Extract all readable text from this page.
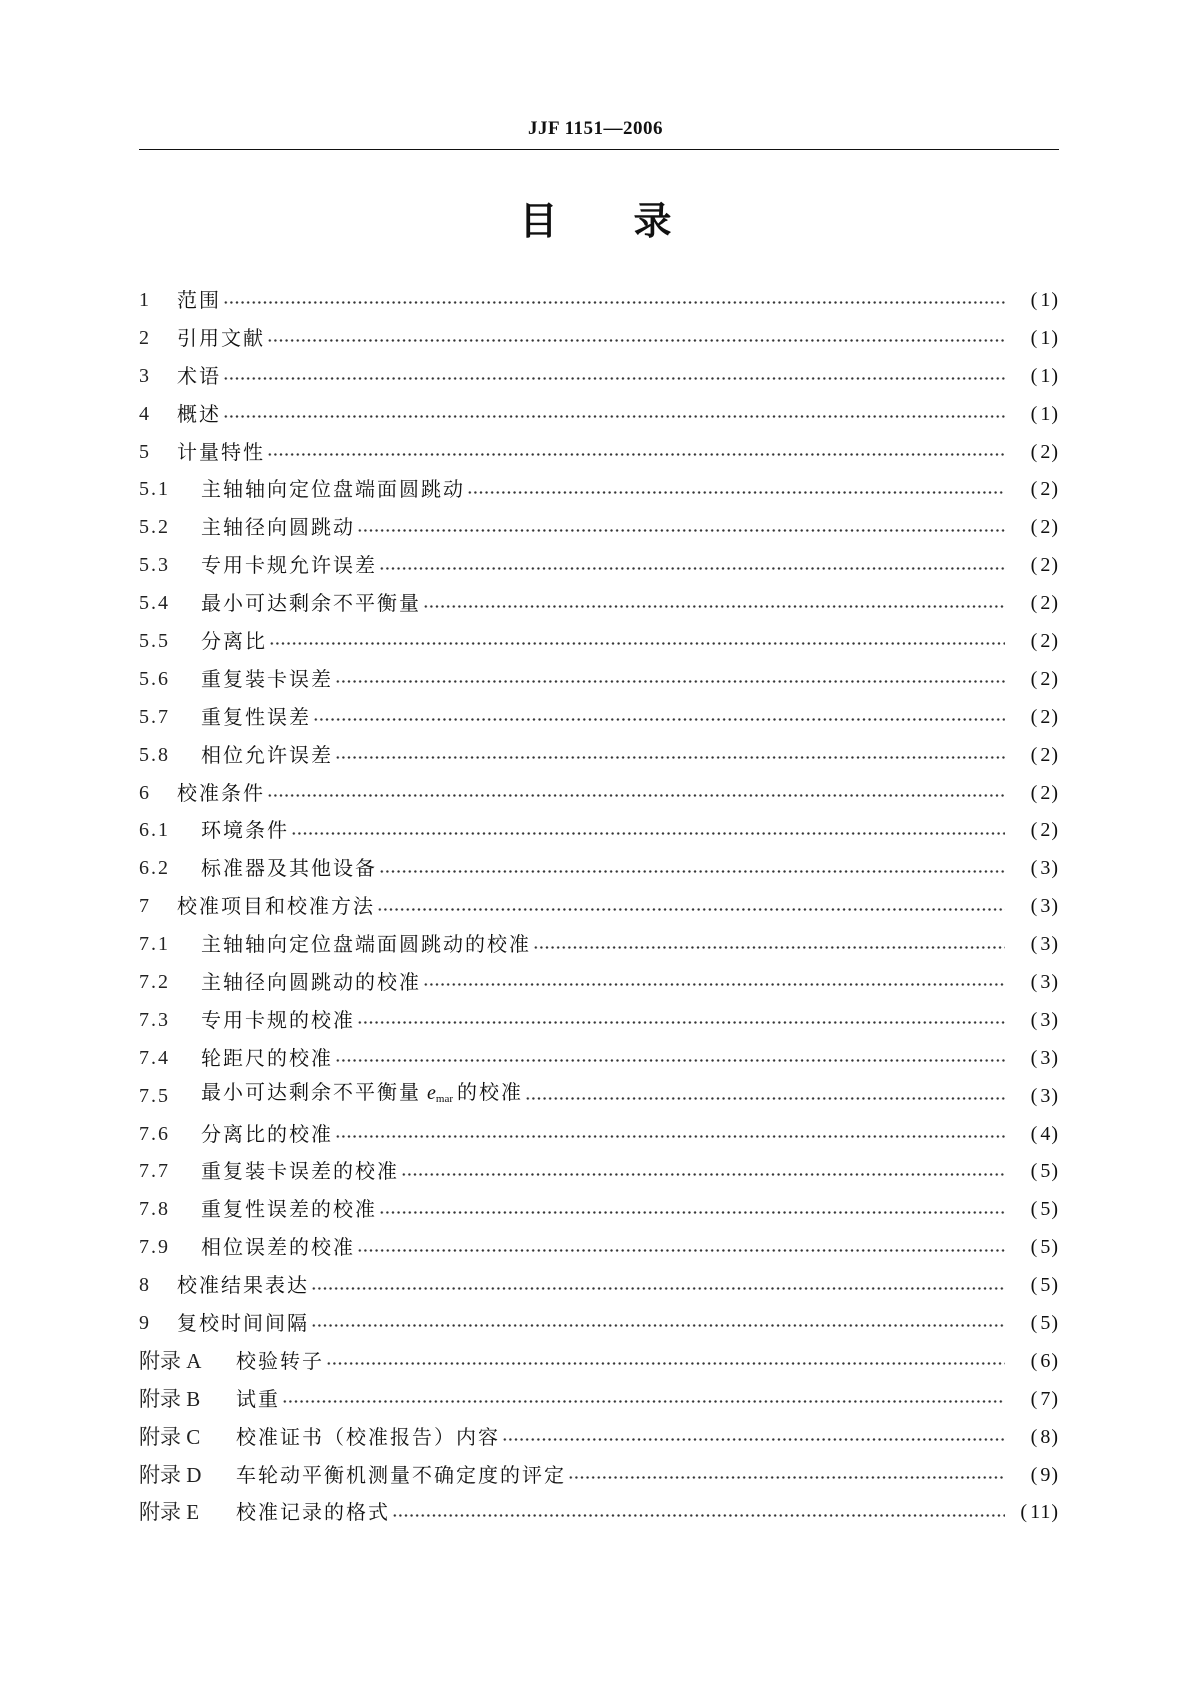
JJF 1151—2006
目 录
1	范围	(1)
2	引用文献	(1)
3	术语	(1)
4	概述	(1)
5	计量特性	(2)
5.1	主轴轴向定位盘端面圆跳动	(2)
5.2	主轴径向圆跳动	(2)
5.3	专用卡规允许误差	(2)
5.4	最小可达剩余不平衡量	(2)
5.5	分离比	(2)
5.6	重复装卡误差	(2)
5.7	重复性误差	(2)
5.8	相位允许误差	(2)
6	校准条件	(2)
6.1	环境条件	(2)
6.2	标准器及其他设备	(3)
7	校准项目和校准方法	(3)
7.1	主轴轴向定位盘端面圆跳动的校准	(3)
7.2	主轴径向圆跳动的校准	(3)
7.3	专用卡规的校准	(3)
7.4	轮距尺的校准	(3)
7.5	最小可达剩余不平衡量 $e_{mar}$ 的校准	(3)
7.6	分离比的校准	(4)
7.7	重复装卡误差的校准	(5)
7.8	重复性误差的校准	(5)
7.9	相位误差的校准	(5)
8	校准结果表达	(5)
9	复校时间间隔	(5)
附录 A	校验转子	(6)
附录 B	试重	(7)
附录 C	校准证书（校准报告）内容	(8)
附录 D	车轮动平衡机测量不确定度的评定	(9)
附录 E	校准记录的格式	(11)
